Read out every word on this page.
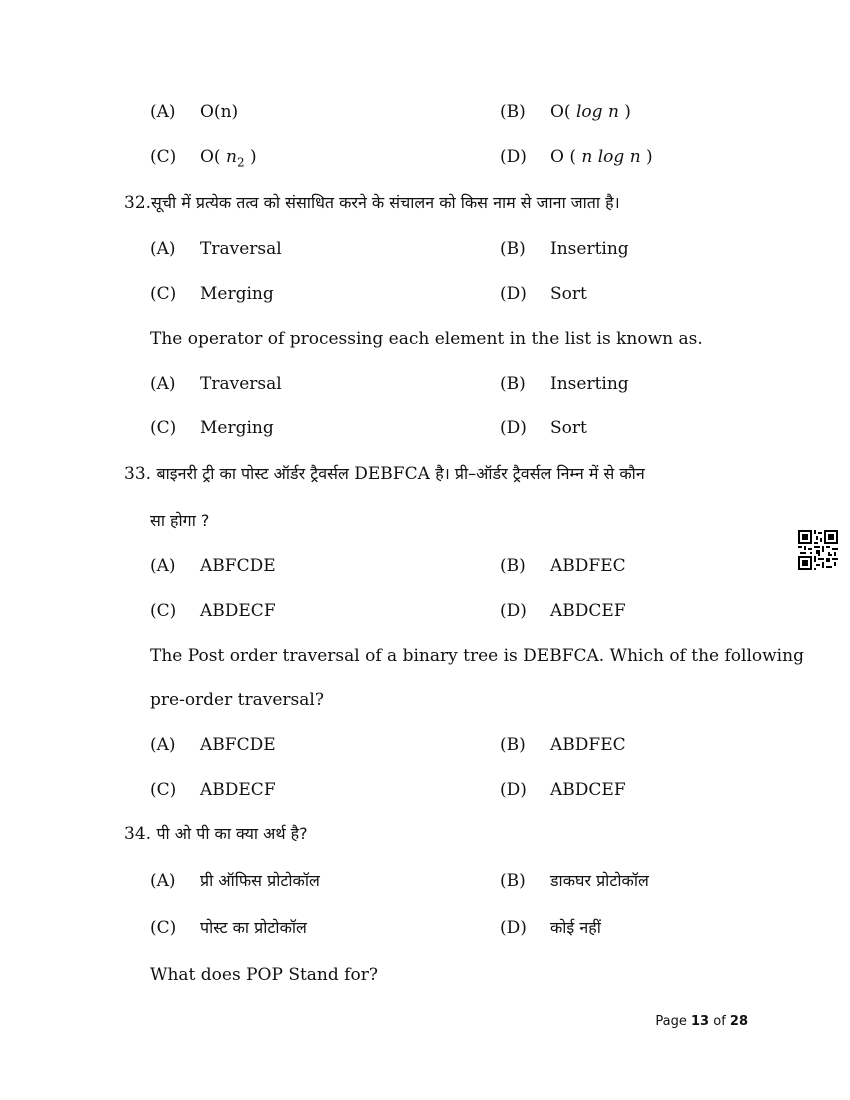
(A) O(n)	(B) O( log n )
(C) O( $n_2$ )	(D) O ( n log n )
32.सूची में प्रत्येक तत्व को संसाधित करने के संचालन को किस नाम से जाना जाता है।
(A) Traversal	(B) Inserting
(C) Merging	(D) Sort
The operator of processing each element in the list is known as.
(A) Traversal	(B) Inserting
(C) Merging	(D) Sort
33. बाइनरी ट्री का पोस्ट ऑर्डर ट्रैवर्सल DEBFCA है। प्री–ऑर्डर ट्रैवर्सल निम्न में से कौन
सा होगा ?
(A) ABFCDE	(B) ABDFEC
(C) ABDECF	(D) ABDCEF
The Post order traversal of a binary tree is DEBFCA. Which of the following
pre-order traversal?
(A) ABFCDE	(B) ABDFEC
(C) ABDECF	(D) ABDCEF
34. पी ओ पी का क्या अर्थ है?
(A) प्री ऑफिस प्रोटोकॉल	(B) डाकघर प्रोटोकॉल
(C) पोस्ट का प्रोटोकॉल	(D) कोई नहीं
What does POP Stand for?
Page 13 of 28
